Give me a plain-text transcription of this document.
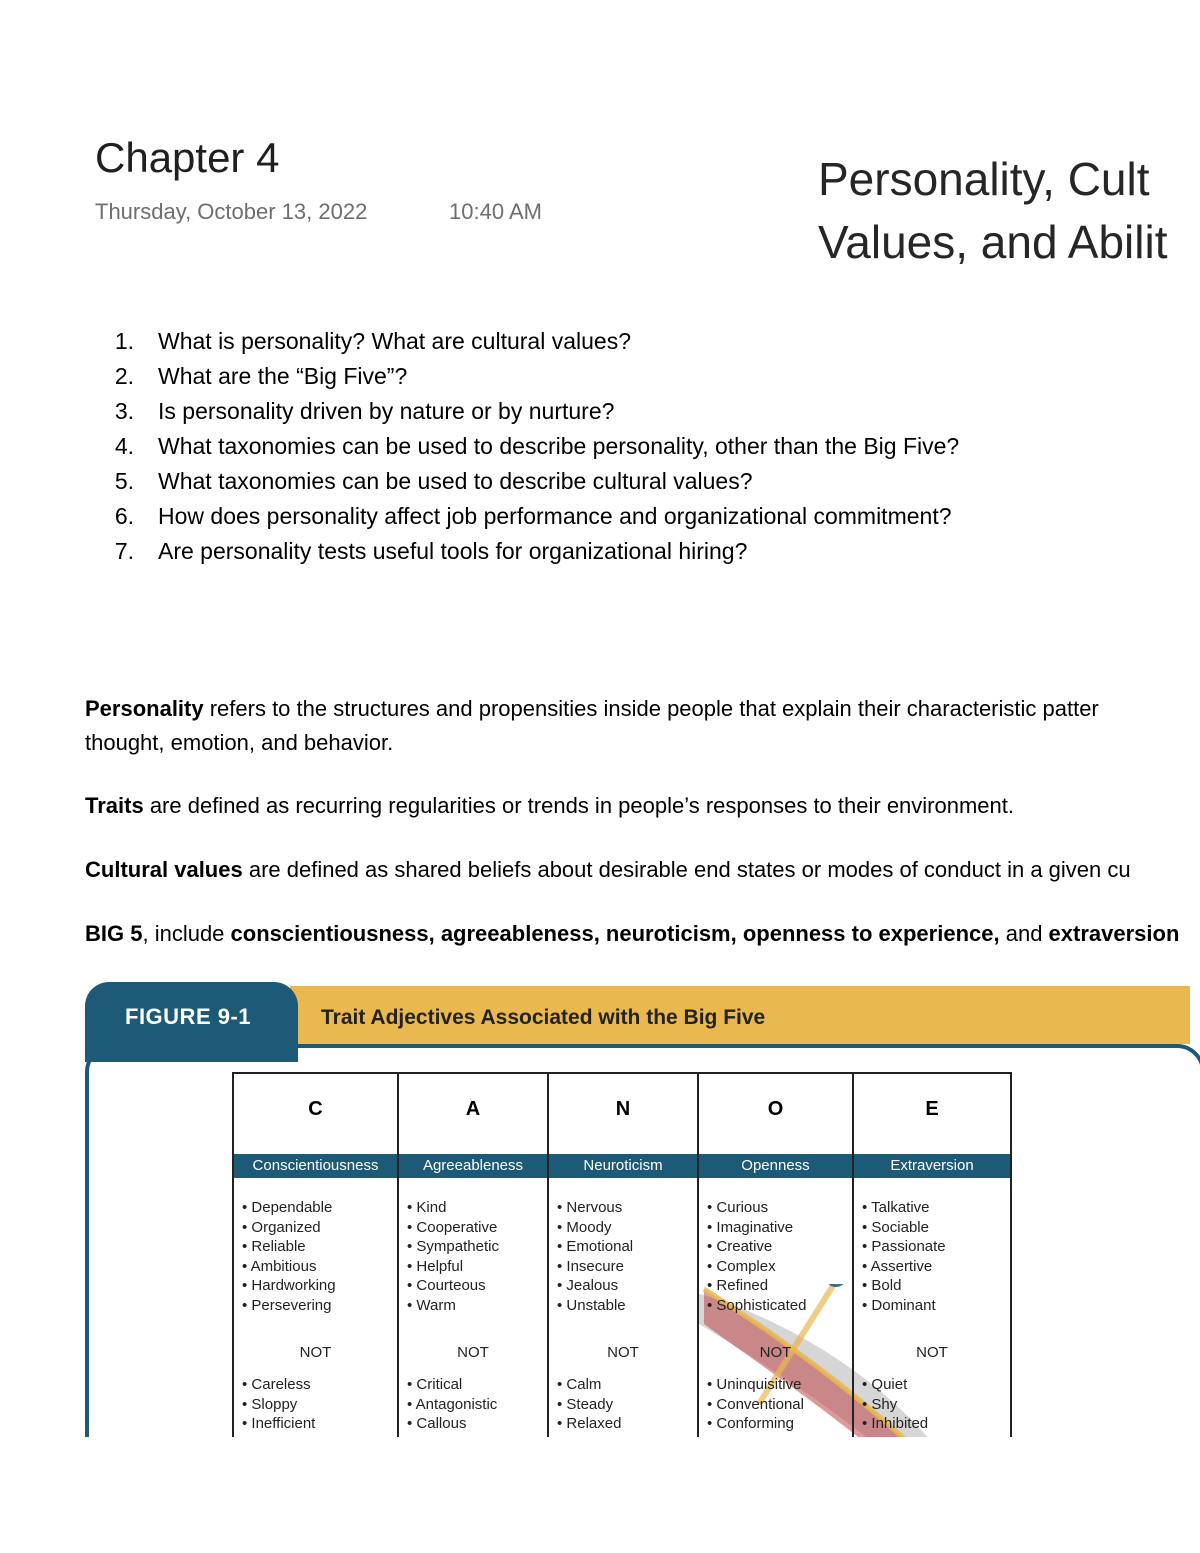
Chapter 4
Thursday, October 13, 2022	10:40 AM
Personality, Cult
Values, and Abilit
1. What is personality? What are cultural values?
2. What are the “Big Five”?
3. Is personality driven by nature or by nurture?
4. What taxonomies can be used to describe personality, other than the Big Five?
5. What taxonomies can be used to describe cultural values?
6. How does personality affect job performance and organizational commitment?
7. Are personality tests useful tools for organizational hiring?
Personality refers to the structures and propensities inside people that explain their characteristic patter
thought, emotion, and behavior.
Traits are defined as recurring regularities or trends in people’s responses to their environment.
Cultural values are defined as shared beliefs about desirable end states or modes of conduct in a given cu
BIG 5, include conscientiousness, agreeableness, neuroticism, openness to experience, and extraversion
FIGURE 9-1	Trait Adjectives Associated with the Big Five
C
Conscientiousness
• Dependable
• Organized
• Reliable
• Ambitious
• Hardworking
• Persevering
NOT
• Careless
• Sloppy
• Inefficient
A
Agreeableness
• Kind
• Cooperative
• Sympathetic
• Helpful
• Courteous
• Warm
NOT
• Critical
• Antagonistic
• Callous
N
Neuroticism
• Nervous
• Moody
• Emotional
• Insecure
• Jealous
• Unstable
NOT
• Calm
• Steady
• Relaxed
O
Openness
• Curious
• Imaginative
• Creative
• Complex
• Refined
• Sophisticated
NOT
• Uninquisitive
• Conventional
• Conforming
E
Extraversion
• Talkative
• Sociable
• Passionate
• Assertive
• Bold
• Dominant
NOT
• Quiet
• Shy
• Inhibited
